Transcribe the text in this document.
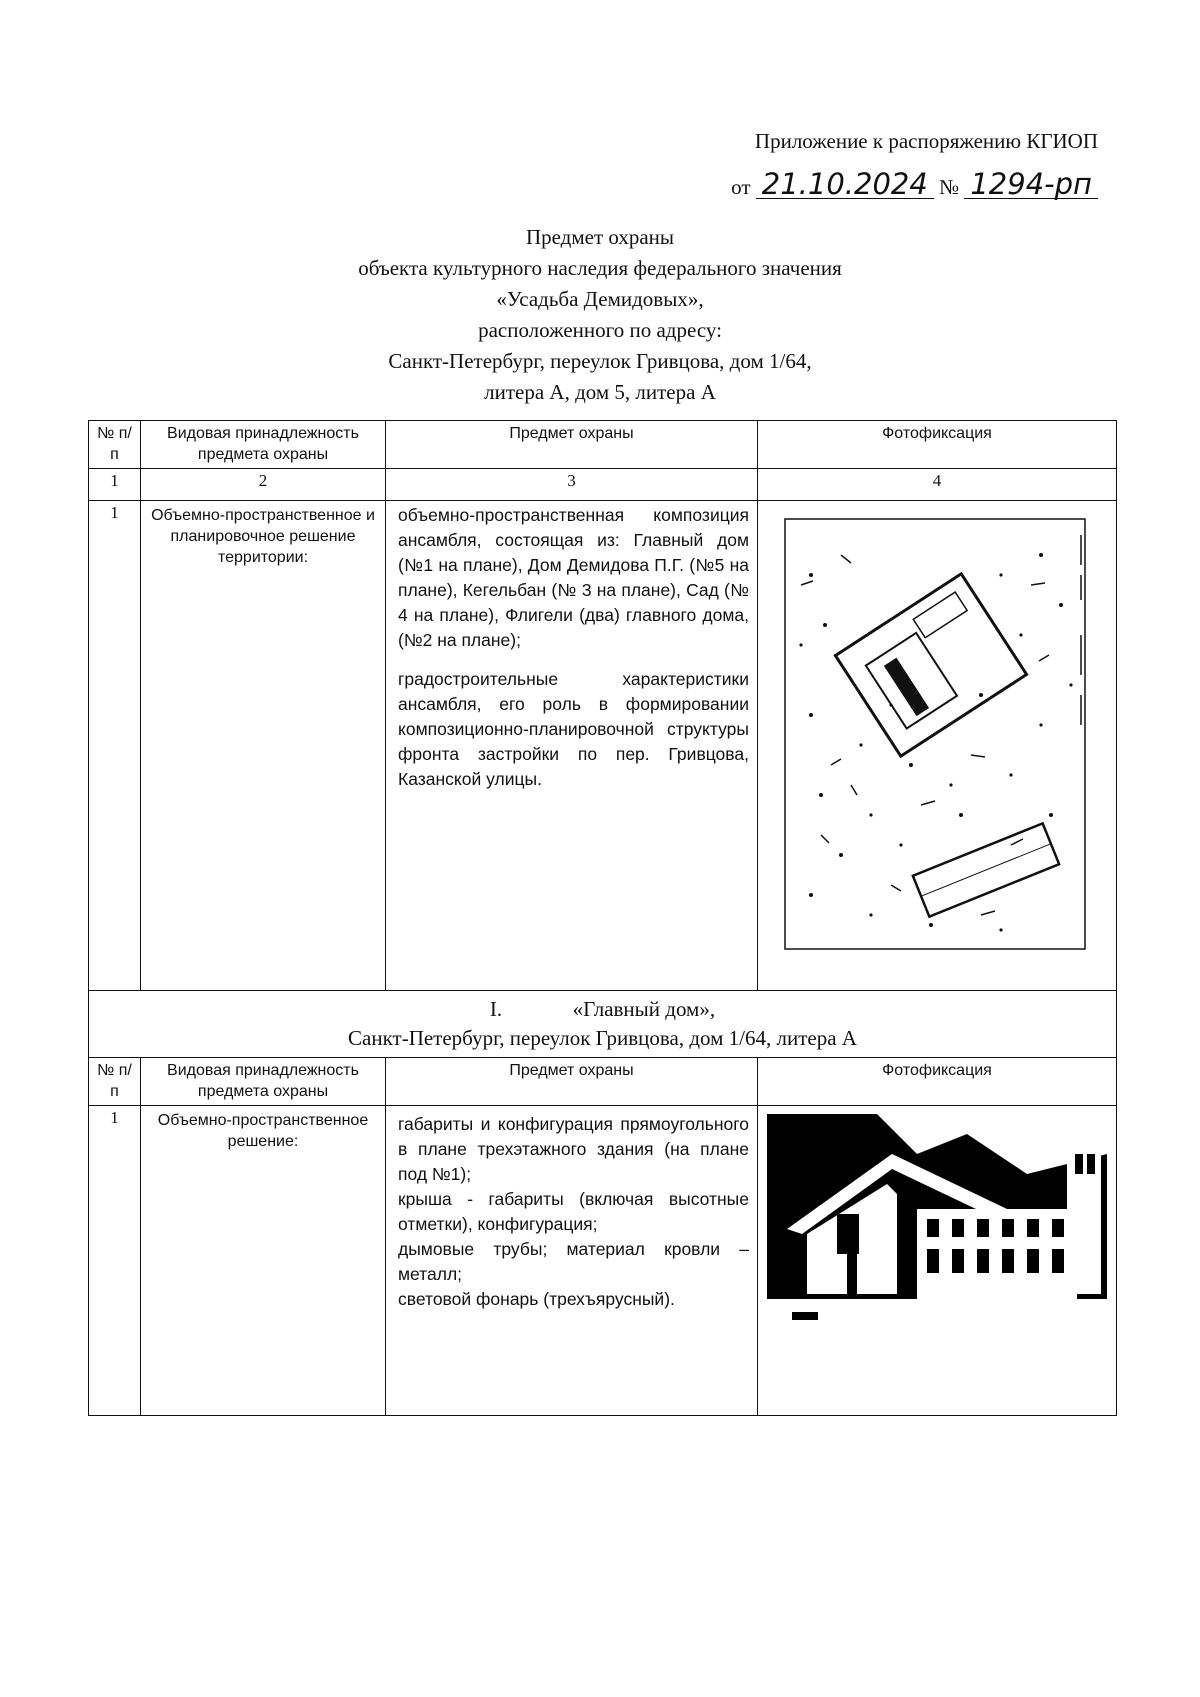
Приложение к распоряжению КГИОП
от 21.10.2024 № 1294-рп
Предмет охраны
объекта культурного наследия федерального значения
«Усадьба Демидовых»,
расположенного по адресу:
Санкт-Петербург, переулок Гривцова, дом 1/64,
литера А, дом 5, литера А
№ п/п	Видовая принадлежность предмета охраны	Предмет охраны	Фотофиксация
1	2	3	4
1	Объемно-пространственное и планировочное решение территории:	объемно-пространственная композиция ансамбля, состоящая из: Главный дом (№1 на плане), Дом Демидова П.Г. (№5 на плане), Кегельбан (№ 3 на плане), Сад (№ 4 на плане), Флигели (два) главного дома, (№2 на плане);

градостроительные характеристики ансамбля, его роль в формировании композиционно-планировочной структуры фронта застройки по пер. Гривцова, Казанской улицы.

I. «Главный дом»,
Санкт-Петербург, переулок Гривцова, дом 1/64, литера А			

№ п/п	Видовая принадлежность предмета охраны	Предмет охраны	Фотофиксация
1	Объемно-пространственное решение:	габариты и конфигурация прямоугольного в плане трехэтажного здания (на плане под №1);
крыша - габариты (включая высотные отметки), конфигурация;
дымовые трубы; материал кровли – металл;
световой фонарь (трехъярусный).
